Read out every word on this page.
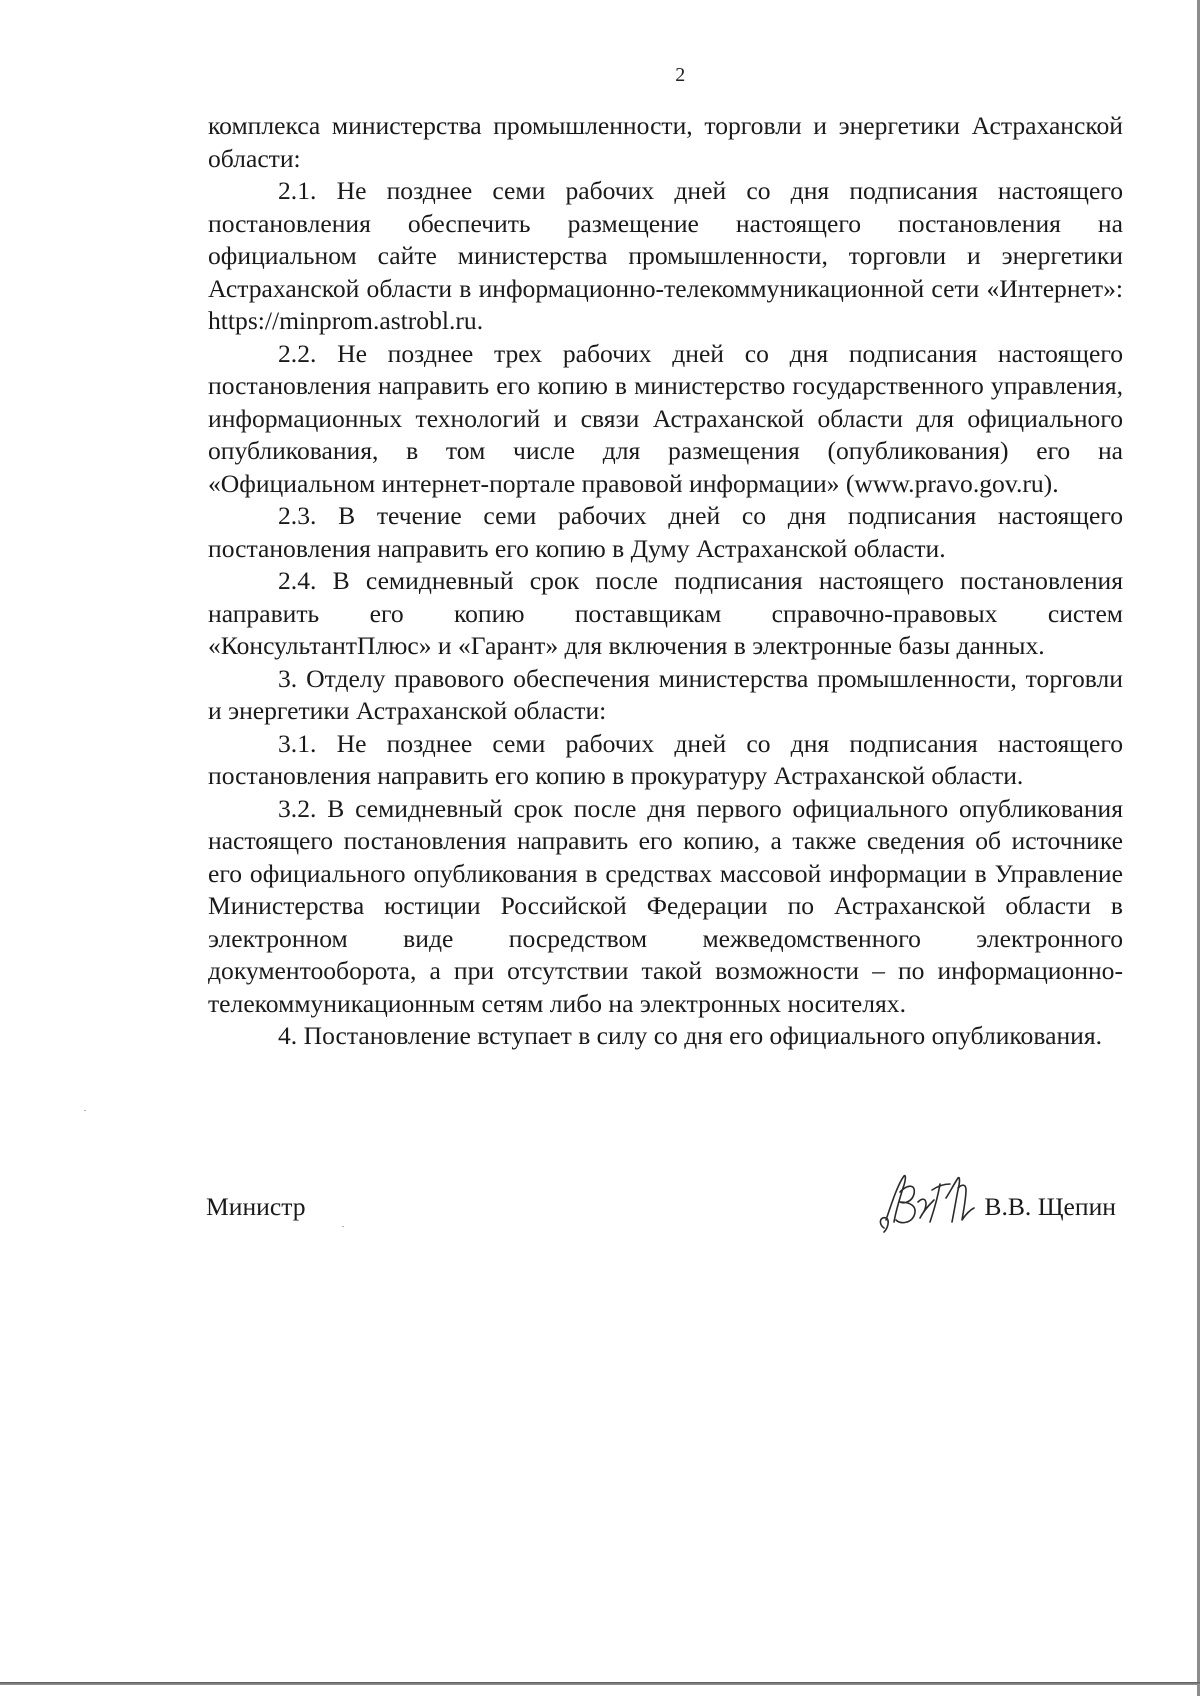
2

комплекса министерства промышленности, торговли и энергетики Астраханской области:

2.1. Не позднее семи рабочих дней со дня подписания настоящего постановления обеспечить размещение настоящего постановления на официальном сайте министерства промышленности, торговли и энергетики Астраханской области в информационно-телекоммуникационной сети «Интернет»: https://minprom.astrobl.ru.

2.2. Не позднее трех рабочих дней со дня подписания настоящего постановления направить его копию в министерство государственного управления, информационных технологий и связи Астраханской области для официального опубликования, в том числе для размещения (опубликования) его на «Официальном интернет-портале правовой информации» (www.pravo.gov.ru).

2.3. В течение семи рабочих дней со дня подписания настоящего постановления направить его копию в Думу Астраханской области.

2.4. В семидневный срок после подписания настоящего постановления направить его копию поставщикам справочно-правовых систем «КонсультантПлюс» и «Гарант» для включения в электронные базы данных.

3. Отделу правового обеспечения министерства промышленности, торговли и энергетики Астраханской области:

3.1. Не позднее семи рабочих дней со дня подписания настоящего постановления направить его копию в прокуратуру Астраханской области.

3.2. В семидневный срок после дня первого официального опубликования настоящего постановления направить его копию, а также сведения об источнике его официального опубликования в средствах массовой информации в Управление Министерства юстиции Российской Федерации по Астраханской области в электронном виде посредством межведомственного электронного документооборота, а при отсутствии такой возможности – по информационно-телекоммуникационным сетям либо на электронных носителях.

4. Постановление вступает в силу со дня его официального опубликования.

Министр	В.В. Щепин
